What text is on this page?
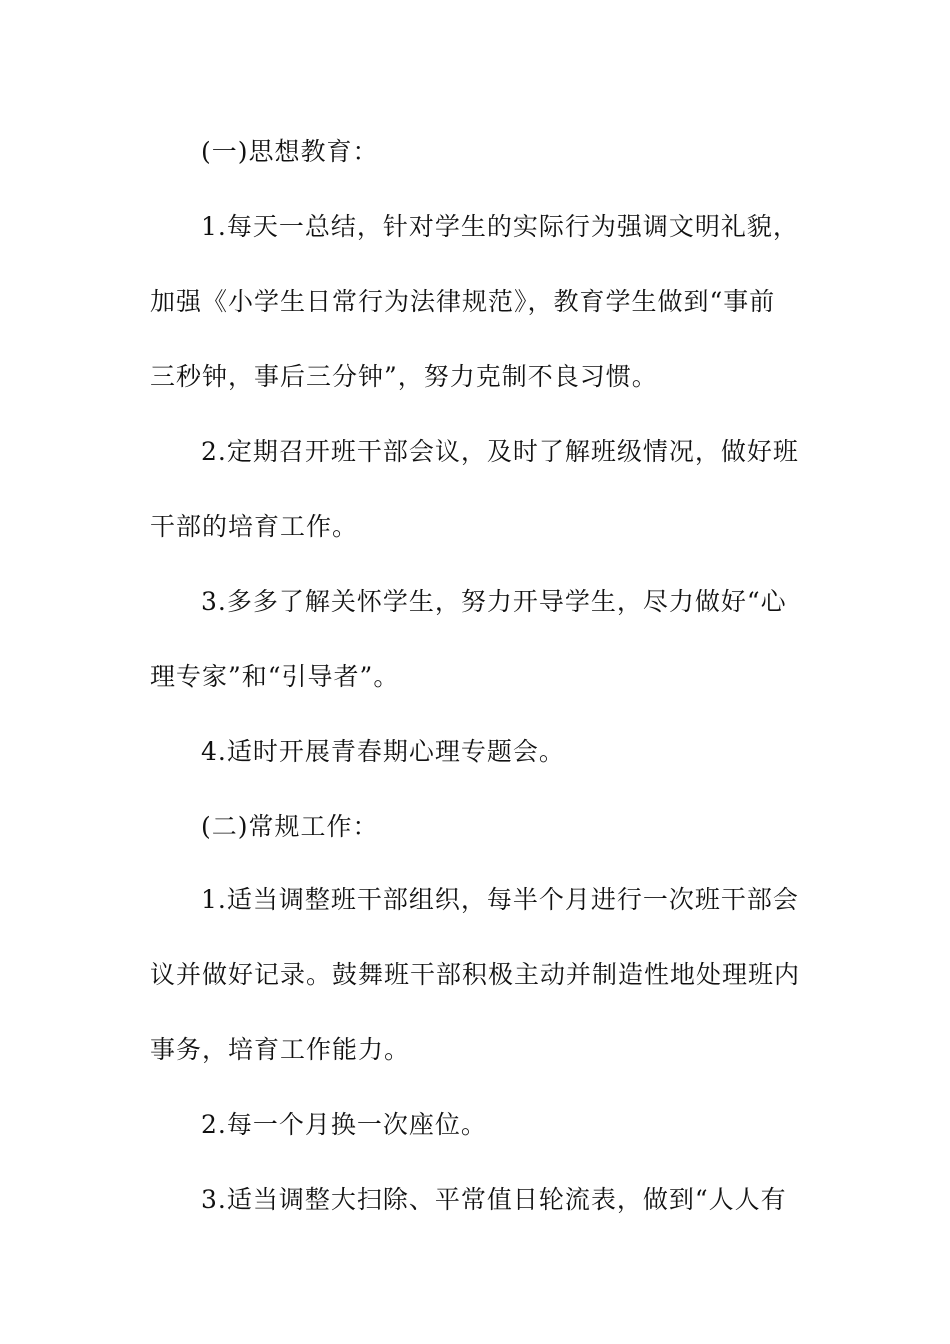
(一)思想教育：
1.每天一总结，针对学生的实际行为强调文明礼貌，
加强《小学生日常行为法律规范》，教育学生做到“事前
三秒钟，事后三分钟”，努力克制不良习惯。
2.定期召开班干部会议，及时了解班级情况，做好班
干部的培育工作。
3.多多了解关怀学生，努力开导学生，尽力做好“心
理专家”和“引导者”。
4.适时开展青春期心理专题会。
(二)常规工作：
1.适当调整班干部组织，每半个月进行一次班干部会
议并做好记录。鼓舞班干部积极主动并制造性地处理班内
事务，培育工作能力。
2.每一个月换一次座位。
3.适当调整大扫除、平常值日轮流表，做到“人人有
